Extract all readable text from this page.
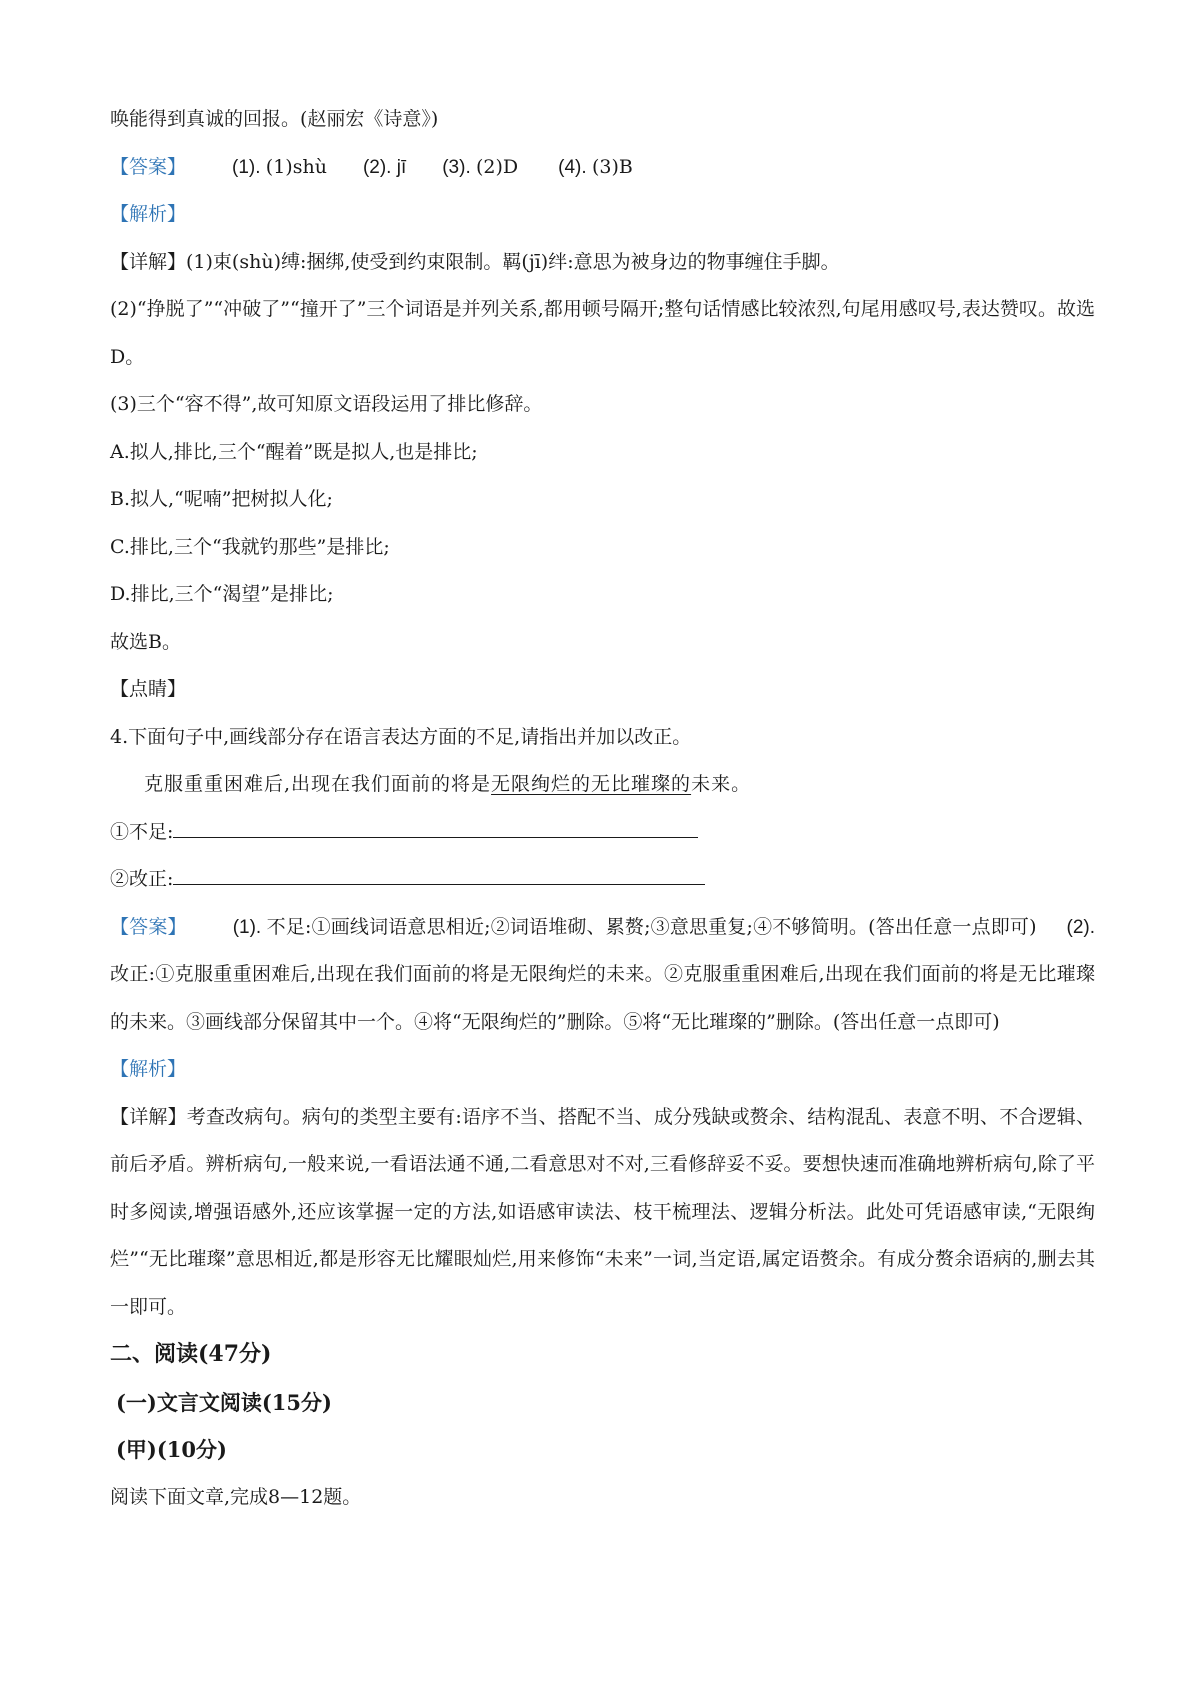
唤能得到真诚的回报。(赵丽宏《诗意》)
【答案】 (1). (1)shù (2). jī (3). (2)D (4). (3)B
【解析】
【详解】(1)束(shù)缚:捆绑,使受到约束限制。羁(jī)绊:意思为被身边的物事缠住手脚。
(2)“挣脱了”“冲破了”“撞开了”三个词语是并列关系,都用顿号隔开;整句话情感比较浓烈,句尾用感叹号,表达赞叹。故选D。
(3)三个“容不得”,故可知原文语段运用了排比修辞。
A.拟人,排比,三个“醒着”既是拟人,也是排比;
B.拟人,“呢喃”把树拟人化;
C.排比,三个“我就钓那些”是排比;
D.排比,三个“渴望”是排比;
故选B。
【点睛】
4.下面句子中,画线部分存在语言表达方面的不足,请指出并加以改正。
克服重重困难后,出现在我们面前的将是无限绚烂的无比璀璨的未来。
①不足:
②改正:
【答案】 (1). 不足:①画线词语意思相近;②词语堆砌、累赘;③意思重复;④不够简明。(答出任意一点即可) (2). 改正:①克服重重困难后,出现在我们面前的将是无限绚烂的未来。②克服重重困难后,出现在我们面前的将是无比璀璨的未来。③画线部分保留其中一个。④将“无限绚烂的”删除。⑤将“无比璀璨的”删除。(答出任意一点即可)
【解析】
【详解】考查改病句。病句的类型主要有:语序不当、搭配不当、成分残缺或赘余、结构混乱、表意不明、不合逻辑、前后矛盾。辨析病句,一般来说,一看语法通不通,二看意思对不对,三看修辞妥不妥。要想快速而准确地辨析病句,除了平时多阅读,增强语感外,还应该掌握一定的方法,如语感审读法、枝干梳理法、逻辑分析法。此处可凭语感审读,“无限绚烂”“无比璀璨”意思相近,都是形容无比耀眼灿烂,用来修饰“未来”一词,当定语,属定语赘余。有成分赘余语病的,删去其一即可。
二、阅读(47分)
(一)文言文阅读(15分)
(甲)(10分)
阅读下面文章,完成8—12题。
